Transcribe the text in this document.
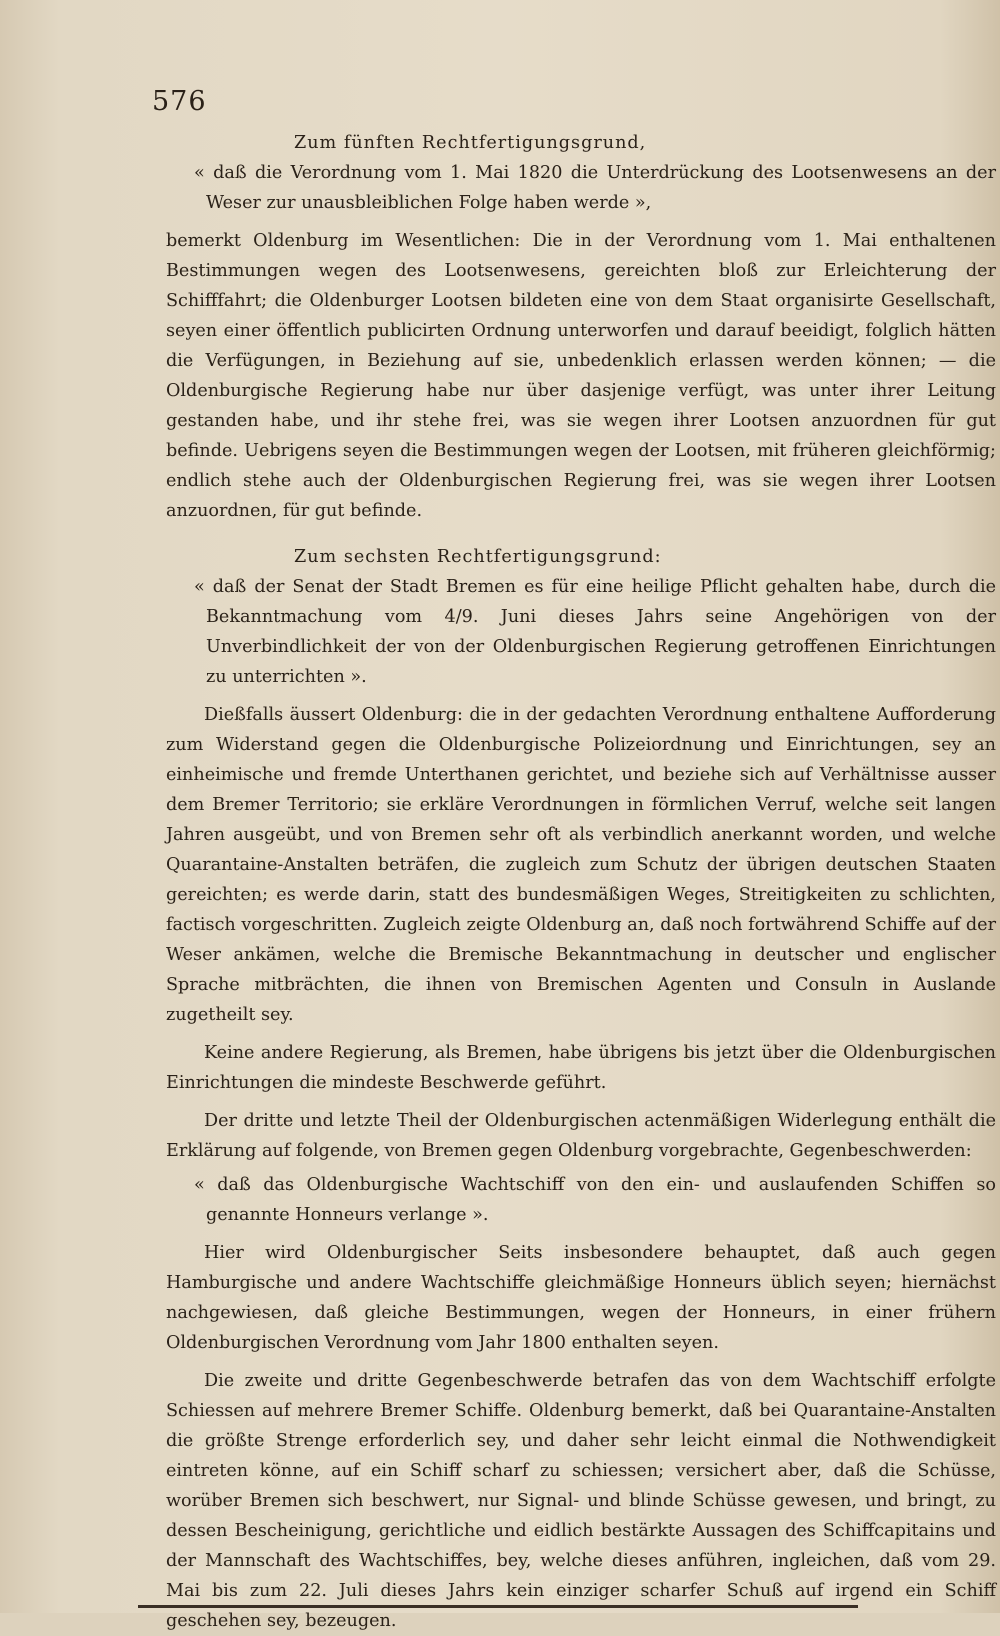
576

Zum fünften Rechtfertigungsgrund,

« daß die Verordnung vom 1. Mai 1820 die Unterdrückung des Lootsenwesens an der Weser zur unausbleiblichen Folge haben werde »,

bemerkt Oldenburg im Wesentlichen: Die in der Verordnung vom 1. Mai enthaltenen Bestimmungen wegen des Lootsenwesens, gereichten bloß zur Erleichterung der Schifffahrt; die Oldenburger Lootsen bildeten eine von dem Staat organisirte Gesellschaft, seyen einer öffentlich publicirten Ordnung unterworfen und darauf beeidigt, folglich hätten die Verfügungen, in Beziehung auf sie, unbedenklich erlassen werden können; — die Oldenburgische Regierung habe nur über dasjenige verfügt, was unter ihrer Leitung gestanden habe, und ihr stehe frei, was sie wegen ihrer Lootsen anzuordnen für gut befinde. Uebrigens seyen die Bestimmungen wegen der Lootsen, mit früheren gleichförmig; endlich stehe auch der Oldenburgischen Regierung frei, was sie wegen ihrer Lootsen anzuordnen, für gut befinde.

Zum sechsten Rechtfertigungsgrund:

« daß der Senat der Stadt Bremen es für eine heilige Pflicht gehalten habe, durch die Bekanntmachung vom 4/9. Juni dieses Jahrs seine Angehörigen von der Unverbindlichkeit der von der Oldenburgischen Regierung getroffenen Einrichtungen zu unterrichten ».

Dießfalls äussert Oldenburg: die in der gedachten Verordnung enthaltene Aufforderung zum Widerstand gegen die Oldenburgische Polizeiordnung und Einrichtungen, sey an einheimische und fremde Unterthanen gerichtet, und beziehe sich auf Verhältnisse ausser dem Bremer Territorio; sie erkläre Verordnungen in förmlichen Verruf, welche seit langen Jahren ausgeübt, und von Bremen sehr oft als verbindlich anerkannt worden, und welche Quarantaine-Anstalten beträfen, die zugleich zum Schutz der übrigen deutschen Staaten gereichten; es werde darin, statt des bundesmäßigen Weges, Streitigkeiten zu schlichten, factisch vorgeschritten. Zugleich zeigte Oldenburg an, daß noch fortwährend Schiffe auf der Weser ankämen, welche die Bremische Bekanntmachung in deutscher und englischer Sprache mitbrächten, die ihnen von Bremischen Agenten und Consuln in Auslande zugetheilt sey.

Keine andere Regierung, als Bremen, habe übrigens bis jetzt über die Oldenburgischen Einrichtungen die mindeste Beschwerde geführt.

Der dritte und letzte Theil der Oldenburgischen actenmäßigen Widerlegung enthält die Erklärung auf folgende, von Bremen gegen Oldenburg vorgebrachte, Gegenbeschwerden:

« daß das Oldenburgische Wachtschiff von den ein- und auslaufenden Schiffen so genannte Honneurs verlange ».

Hier wird Oldenburgischer Seits insbesondere behauptet, daß auch gegen Hamburgische und andere Wachtschiffe gleichmäßige Honneurs üblich seyen; hiernächst nachgewiesen, daß gleiche Bestimmungen, wegen der Honneurs, in einer frühern Oldenburgischen Verordnung vom Jahr 1800 enthalten seyen.

Die zweite und dritte Gegenbeschwerde betrafen das von dem Wachtschiff erfolgte Schiessen auf mehrere Bremer Schiffe. Oldenburg bemerkt, daß bei Quarantaine-Anstalten die größte Strenge erforderlich sey, und daher sehr leicht einmal die Nothwendigkeit eintreten könne, auf ein Schiff scharf zu schiessen; versichert aber, daß die Schüsse, worüber Bremen sich beschwert, nur Signal- und blinde Schüsse gewesen, und bringt, zu dessen Bescheinigung, gerichtliche und eidlich bestärkte Aussagen des Schiffcapitains und der Mannschaft des Wachtschiffes, bey, welche dieses anführen, ingleichen, daß vom 29. Mai bis zum 22. Juli dieses Jahrs kein einziger scharfer Schuß auf irgend ein Schiff geschehen sey, bezeugen.
